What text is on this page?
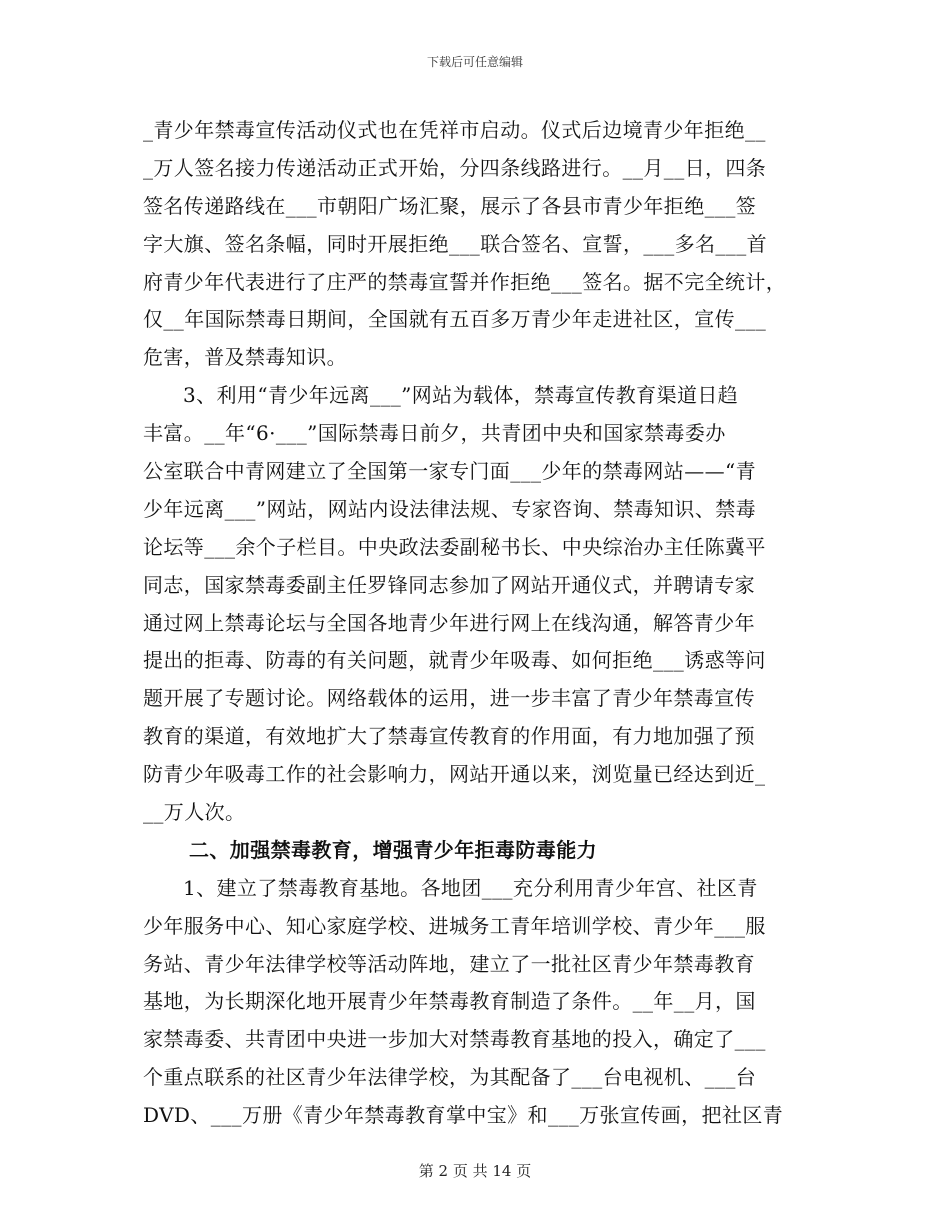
下载后可任意编辑
_青少年禁毒宣传活动仪式也在凭祥市启动。仪式后边境青少年拒绝__
_万人签名接力传递活动正式开始，分四条线路进行。__月__日，四条
签名传递路线在___市朝阳广场汇聚，展示了各县市青少年拒绝___签
字大旗、签名条幅，同时开展拒绝___联合签名、宣誓，___多名___首
府青少年代表进行了庄严的禁毒宣誓并作拒绝___签名。据不完全统计，
仅__年国际禁毒日期间，全国就有五百多万青少年走进社区，宣传___
危害，普及禁毒知识。
3、利用“青少年远离___”网站为载体，禁毒宣传教育渠道日趋
丰富。__年“6·___”国际禁毒日前夕，共青团中央和国家禁毒委办
公室联合中青网建立了全国第一家专门面___少年的禁毒网站——“青
少年远离___”网站，网站内设法律法规、专家咨询、禁毒知识、禁毒
论坛等___余个子栏目。中央政法委副秘书长、中央综治办主任陈冀平
同志，国家禁毒委副主任罗锋同志参加了网站开通仪式，并聘请专家
通过网上禁毒论坛与全国各地青少年进行网上在线沟通，解答青少年
提出的拒毒、防毒的有关问题，就青少年吸毒、如何拒绝___诱惑等问
题开展了专题讨论。网络载体的运用，进一步丰富了青少年禁毒宣传
教育的渠道，有效地扩大了禁毒宣传教育的作用面，有力地加强了预
防青少年吸毒工作的社会影响力，网站开通以来，浏览量已经达到近_
__万人次。
二、加强禁毒教育，增强青少年拒毒防毒能力
1、建立了禁毒教育基地。各地团___充分利用青少年宫、社区青
少年服务中心、知心家庭学校、进城务工青年培训学校、青少年___服
务站、青少年法律学校等活动阵地，建立了一批社区青少年禁毒教育
基地，为长期深化地开展青少年禁毒教育制造了条件。__年__月，国
家禁毒委、共青团中央进一步加大对禁毒教育基地的投入，确定了___
个重点联系的社区青少年法律学校，为其配备了___台电视机、___台
DVD、___万册《青少年禁毒教育掌中宝》和___万张宣传画，把社区青
第 2 页 共 14 页
